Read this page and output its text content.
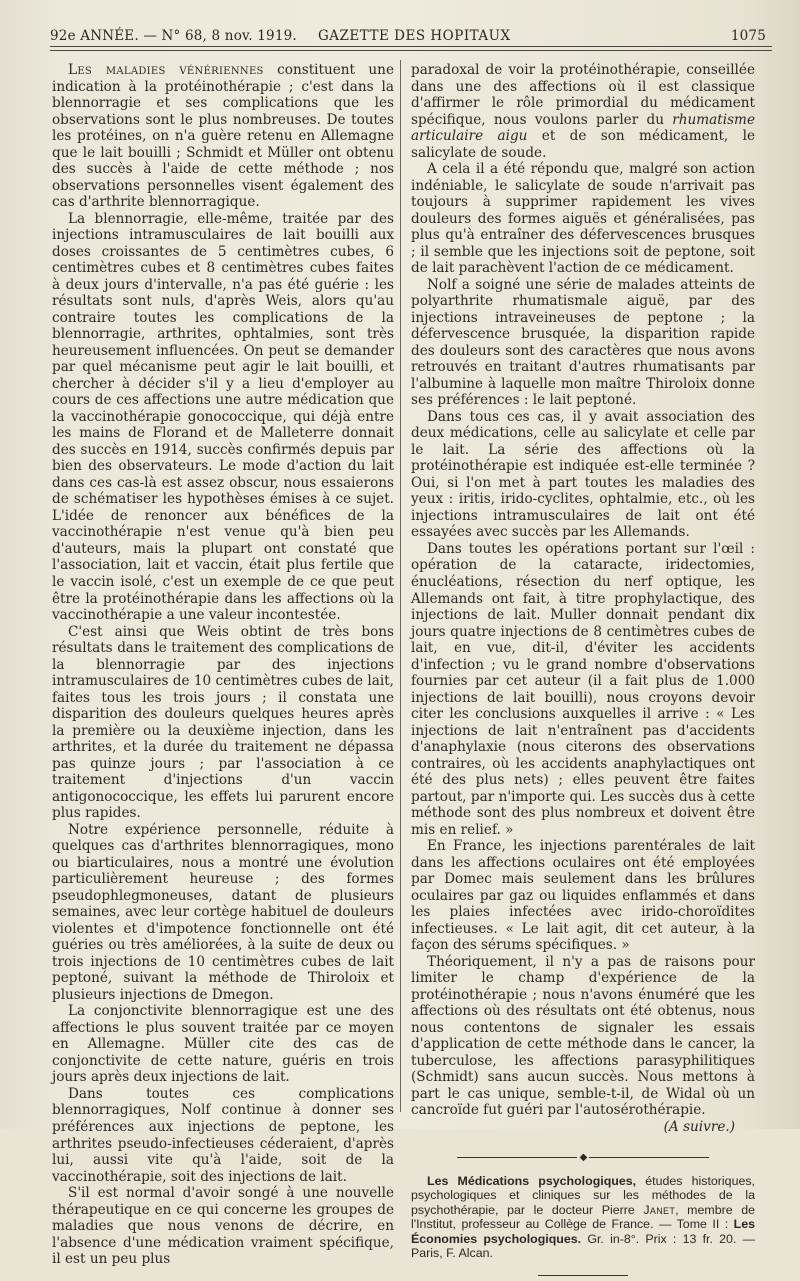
92e ANNÉE. — N° 68, 8 nov. 1919. GAZETTE DES HOPITAUX	1075

Les maladies vénériennes constituent une indication à la protéinothérapie ; c'est dans la blennorragie et ses complications que les observations sont le plus nombreuses. De toutes les protéines, on n'a guère retenu en Allemagne que le lait bouilli ; Schmidt et Müller ont obtenu des succès à l'aide de cette méthode ; nos observations personnelles visent également des cas d'arthrite blennorragique.

La blennorragie, elle-même, traitée par des injections intramusculaires de lait bouilli aux doses croissantes de 5 centimètres cubes, 6 centimètres cubes et 8 centimètres cubes faites à deux jours d'intervalle, n'a pas été guérie : les résultats sont nuls, d'après Weis, alors qu'au contraire toutes les complications de la blennorragie, arthrites, ophtalmies, sont très heureusement influencées. On peut se demander par quel mécanisme peut agir le lait bouilli, et chercher à décider s'il y a lieu d'employer au cours de ces affections une autre médication que la vaccinothérapie gonococcique, qui déjà entre les mains de Florand et de Malleterre donnait des succès en 1914, succès confirmés depuis par bien des observateurs. Le mode d'action du lait dans ces cas-là est assez obscur, nous essaierons de schématiser les hypothèses émises à ce sujet. L'idée de renoncer aux bénéfices de la vaccinothérapie n'est venue qu'à bien peu d'auteurs, mais la plupart ont constaté que l'association, lait et vaccin, était plus fertile que le vaccin isolé, c'est un exemple de ce que peut être la protéinothérapie dans les affections où la vaccinothérapie a une valeur incontestée.

C'est ainsi que Weis obtint de très bons résultats dans le traitement des complications de la blennorragie par des injections intramusculaires de 10 centimètres cubes de lait, faites tous les trois jours ; il constata une disparition des douleurs quelques heures après la première ou la deuxième injection, dans les arthrites, et la durée du traitement ne dépassa pas quinze jours ; par l'association à ce traitement d'injections d'un vaccin antigonococcique, les effets lui parurent encore plus rapides.

Notre expérience personnelle, réduite à quelques cas d'arthrites blennorragiques, mono ou biarticulaires, nous a montré une évolution particulièrement heureuse ; des formes pseudophlegmoneuses, datant de plusieurs semaines, avec leur cortège habituel de douleurs violentes et d'impotence fonctionnelle ont été guéries ou très améliorées, à la suite de deux ou trois injections de 10 centimètres cubes de lait peptoné, suivant la méthode de Thiroloix et plusieurs injections de Dmegon.

La conjonctivite blennorragique est une des affections le plus souvent traitée par ce moyen en Allemagne. Müller cite des cas de conjonctivite de cette nature, guéris en trois jours après deux injections de lait.

Dans toutes ces complications blennorragiques, Nolf continue à donner ses préférences aux injections de peptone, les arthrites pseudo-infectieuses céderaient, d'après lui, aussi vite qu'à l'aide, soit de la vaccinothérapie, soit des injections de lait.

S'il est normal d'avoir songé à une nouvelle thérapeutique en ce qui concerne les groupes de maladies que nous venons de décrire, en l'absence d'une médication vraiment spécifique, il est un peu plus

paradoxal de voir la protéinothérapie, conseillée dans une des affections où il est classique d'affirmer le rôle primordial du médicament spécifique, nous voulons parler du rhumatisme articulaire aigu et de son médicament, le salicylate de soude.

A cela il a été répondu que, malgré son action indéniable, le salicylate de soude n'arrivait pas toujours à supprimer rapidement les vives douleurs des formes aiguës et généralisées, pas plus qu'à entraîner des défervescences brusques ; il semble que les injections soit de peptone, soit de lait parachèvent l'action de ce médicament.

Nolf a soigné une série de malades atteints de polyarthrite rhumatismale aiguë, par des injections intraveineuses de peptone ; la défervescence brusquée, la disparition rapide des douleurs sont des caractères que nous avons retrouvés en traitant d'autres rhumatisants par l'albumine à laquelle mon maître Thiroloix donne ses préférences : le lait peptoné.

Dans tous ces cas, il y avait association des deux médications, celle au salicylate et celle par le lait. La série des affections où la protéinothérapie est indiquée est-elle terminée ? Oui, si l'on met à part toutes les maladies des yeux : iritis, irido-cyclites, ophtalmie, etc., où les injections intramusculaires de lait ont été essayées avec succès par les Allemands.

Dans toutes les opérations portant sur l'œil : opération de la cataracte, iridectomies, énucléations, résection du nerf optique, les Allemands ont fait, à titre prophylactique, des injections de lait. Muller donnait pendant dix jours quatre injections de 8 centimètres cubes de lait, en vue, dit-il, d'éviter les accidents d'infection ; vu le grand nombre d'observations fournies par cet auteur (il a fait plus de 1.000 injections de lait bouilli), nous croyons devoir citer les conclusions auxquelles il arrive : « Les injections de lait n'entraînent pas d'accidents d'anaphylaxie (nous citerons des observations contraires, où les accidents anaphylactiques ont été des plus nets) ; elles peuvent être faites partout, par n'importe qui. Les succès dus à cette méthode sont des plus nombreux et doivent être mis en relief. »

En France, les injections parentérales de lait dans les affections oculaires ont été employées par Domec mais seulement dans les brûlures oculaires par gaz ou liquides enflammés et dans les plaies infectées avec irido-choroïdites infectieuses. « Le lait agit, dit cet auteur, à la façon des sérums spécifiques. »

Théoriquement, il n'y a pas de raisons pour limiter le champ d'expérience de la protéinothérapie ; nous n'avons énuméré que les affections où des résultats ont été obtenus, nous nous contentons de signaler les essais d'application de cette méthode dans le cancer, la tuberculose, les affections parasyphilitiques (Schmidt) sans aucun succès. Nous mettons à part le cas unique, semble-t-il, de Widal où un cancroïde fut guéri par l'autosérothérapie.

(A suivre.)

◆

Les Médications psychologiques, études historiques, psychologiques et cliniques sur les méthodes de la psychothérapie, par le docteur Pierre Janet, membre de l'Institut, professeur au Collège de France. — Tome II : Les Économies psychologiques. Gr. in-8°. Prix : 13 fr. 20. — Paris, F. Alcan.
